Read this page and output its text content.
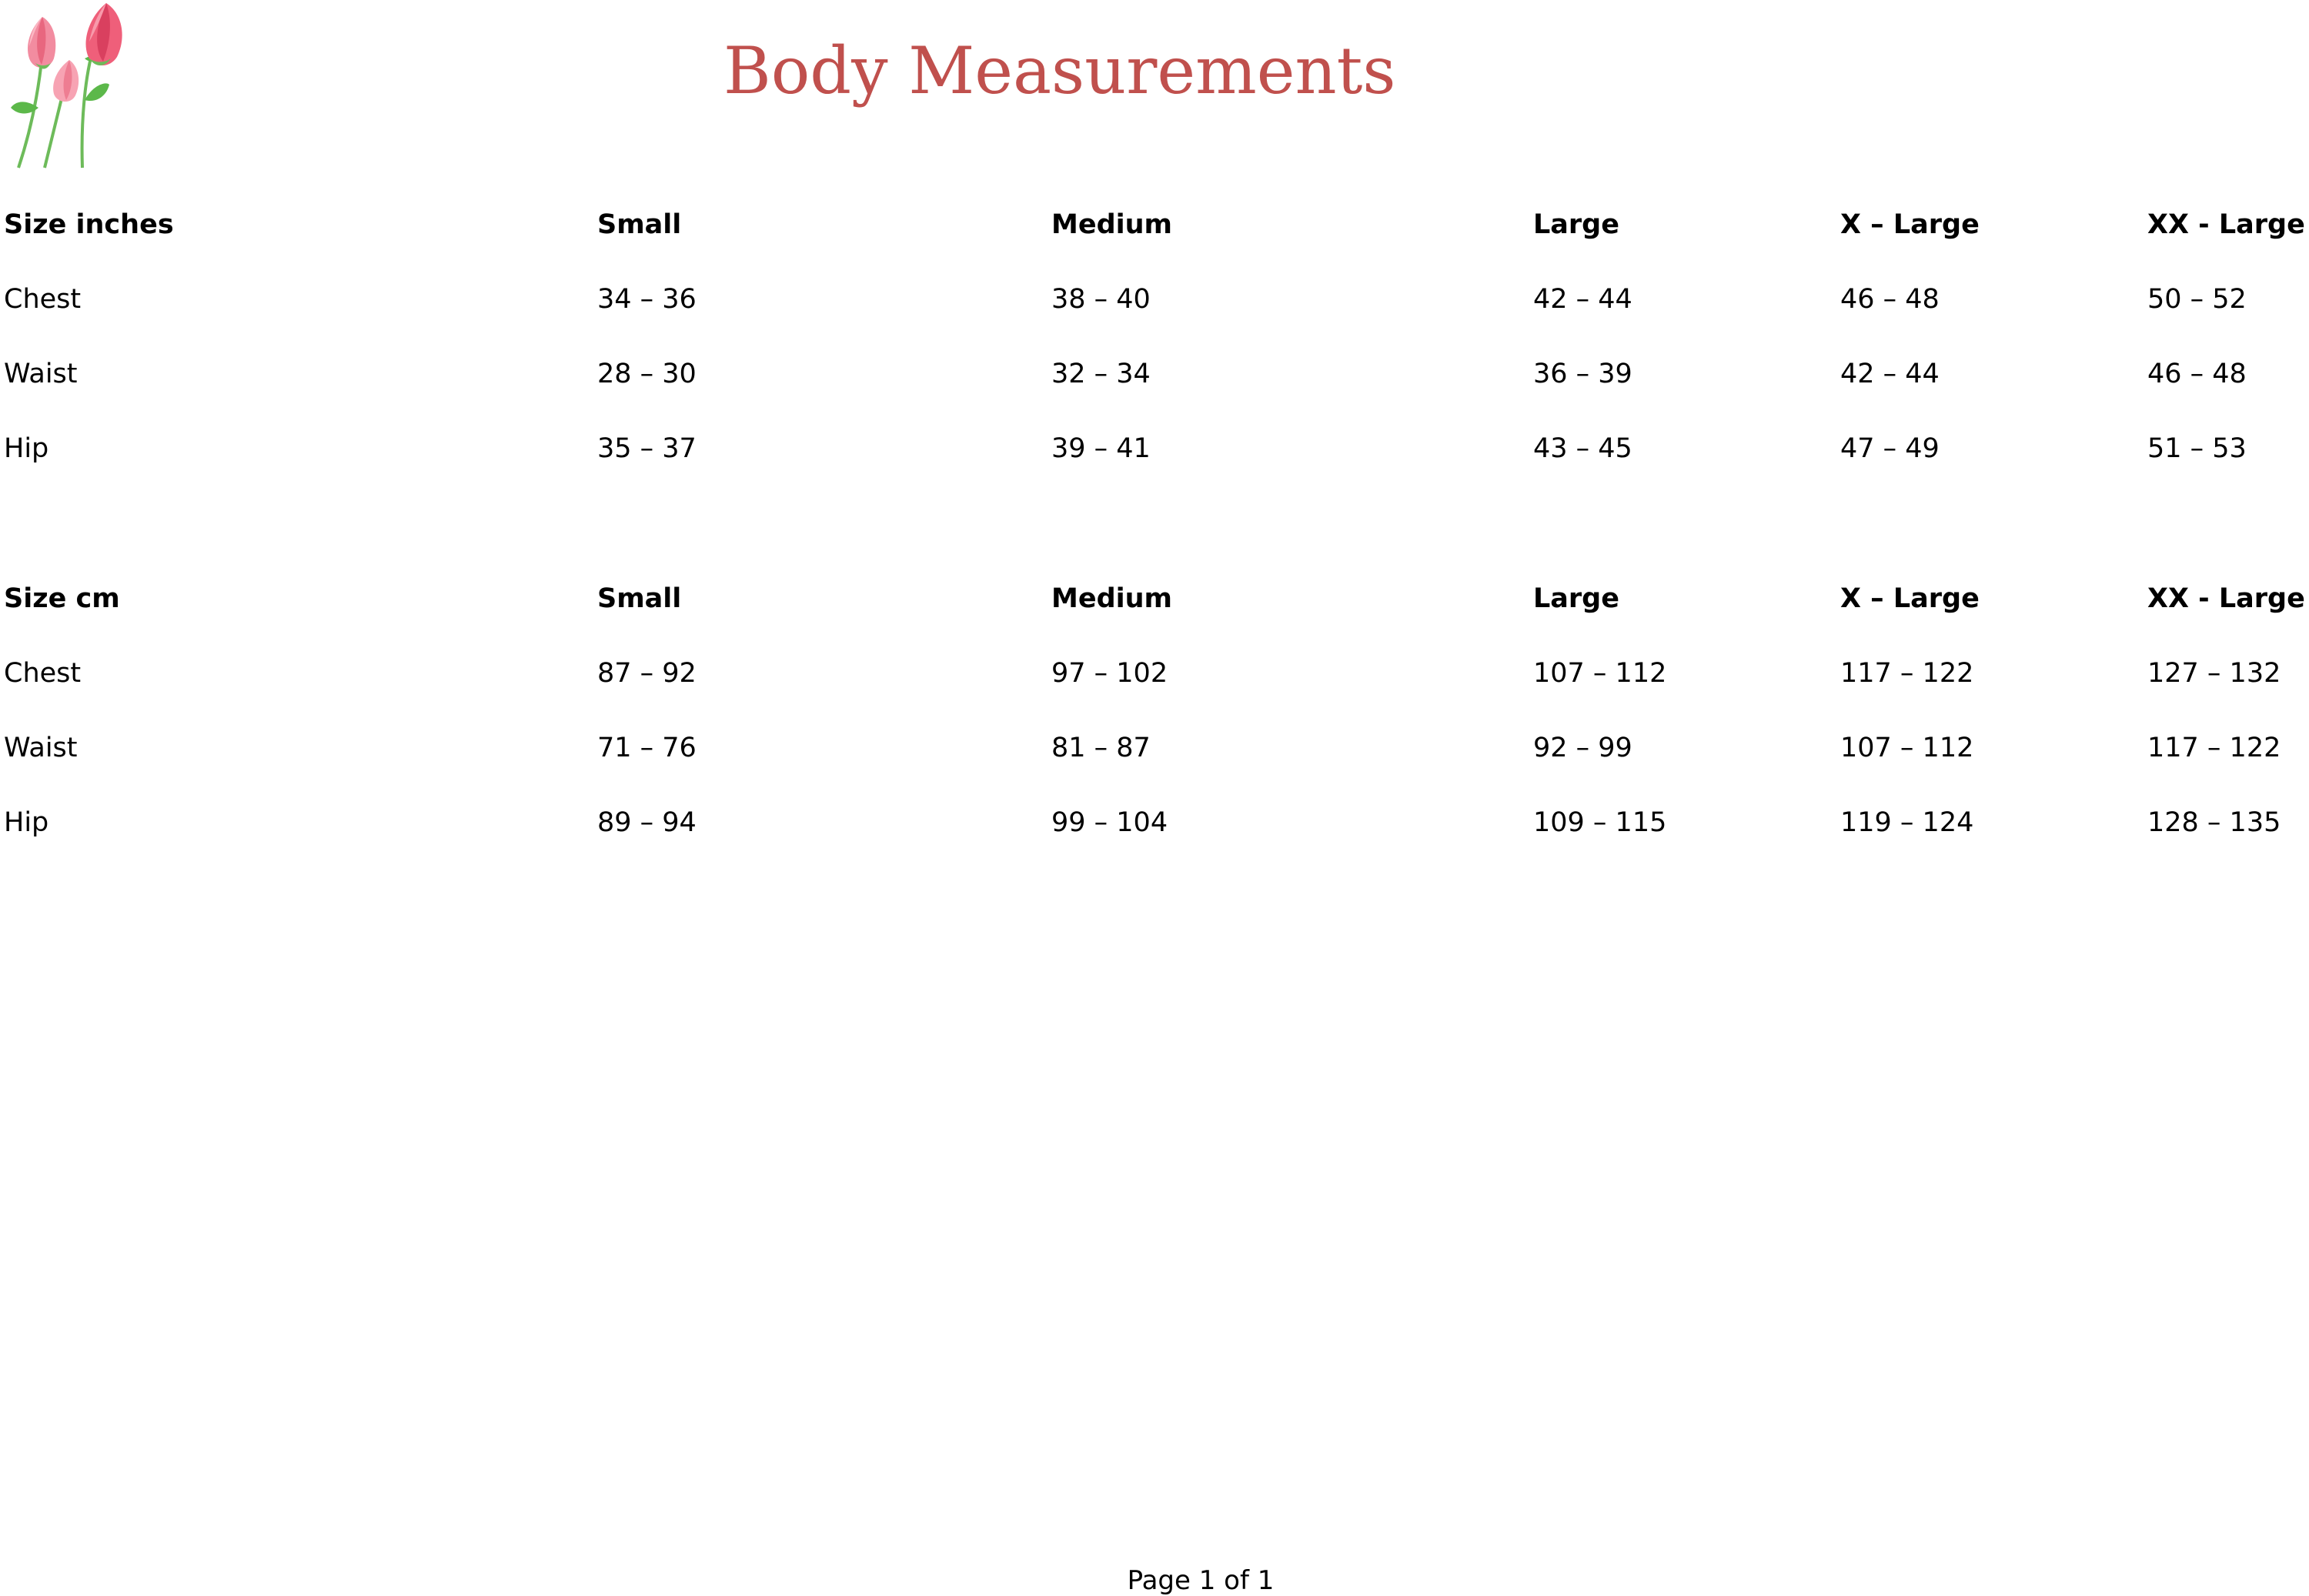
Body Measurements
Size inches	Small	Medium	Large	X – Large	XX - Large
Chest	34 – 36	38 – 40	42 – 44	46 – 48	50 – 52
Waist	28 – 30	32 – 34	36 – 39	42 – 44	46 – 48
Hip	35 – 37	39 – 41	43 – 45	47 – 49	51 – 53
Size cm	Small	Medium	Large	X – Large	XX - Large
Chest	87 – 92	97 – 102	107 – 112	117 – 122	127 – 132
Waist	71 – 76	81 – 87	92 – 99	107 – 112	117 – 122
Hip	89 – 94	99 – 104	109 – 115	119 – 124	128 – 135
Page 1 of 1
